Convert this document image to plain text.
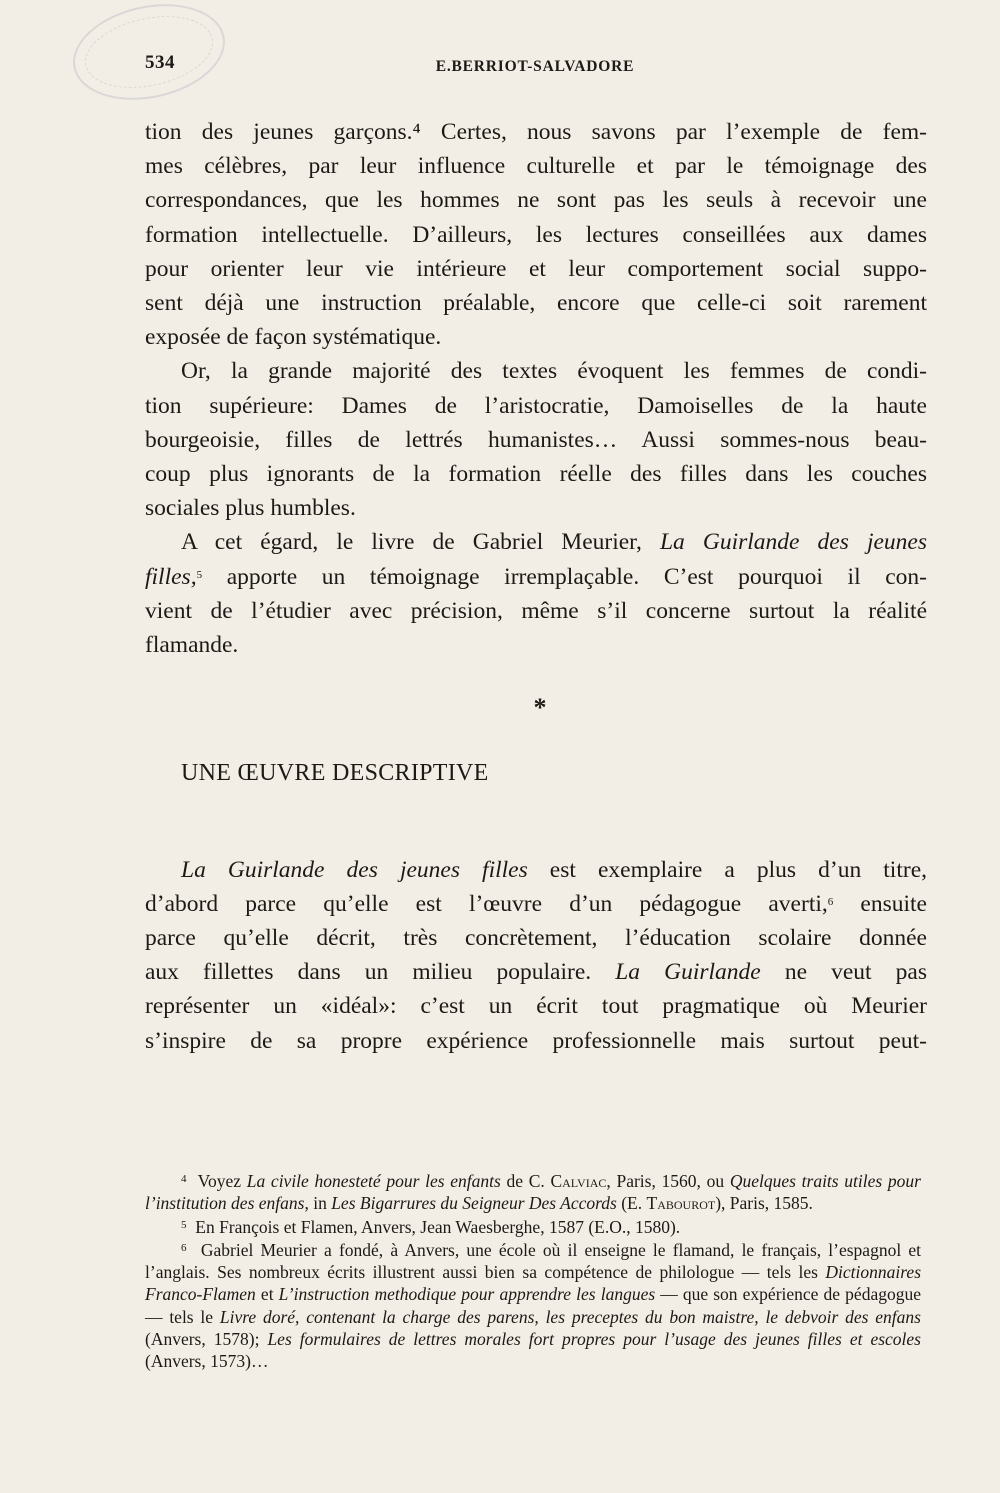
534	E.BERRIOT-SALVADORE

tion des jeunes garçons.⁴ Certes, nous savons par l’exemple de fem-
mes célèbres, par leur influence culturelle et par le témoignage des
correspondances, que les hommes ne sont pas les seuls à recevoir une
formation intellectuelle. D’ailleurs, les lectures conseillées aux dames
pour orienter leur vie intérieure et leur comportement social suppo-
sent déjà une instruction préalable, encore que celle-ci soit rarement
exposée de façon systématique.

Or, la grande majorité des textes évoquent les femmes de condi-
tion supérieure: Dames de l’aristocratie, Damoiselles de la haute
bourgeoisie, filles de lettrés humanistes… Aussi sommes-nous beau-
coup plus ignorants de la formation réelle des filles dans les couches
sociales plus humbles.

A cet égard, le livre de Gabriel Meurier, La Guirlande des jeunes
filles,$^5$ apporte un témoignage irremplaçable. C’est pourquoi il con-
vient de l’étudier avec précision, même s’il concerne surtout la réalité
flamande.

*
UNE ŒUVRE DESCRIPTIVE

La Guirlande des jeunes filles est exemplaire a plus d’un titre,
d’abord parce qu’elle est l’œuvre d’un pédagogue averti,$^6$ ensuite
parce qu’elle décrit, très concrètement, l’éducation scolaire donnée
aux fillettes dans un milieu populaire. La Guirlande ne veut pas
représenter un «idéal»: c’est un écrit tout pragmatique où Meurier
s’inspire de sa propre expérience professionnelle mais surtout peut-

$^4$ Voyez La civile honesteté pour les enfants de C. Calviac, Paris, 1560, ou Quelques traits utiles pour l’institution des enfans, in Les Bigarrures du Seigneur Des Accords (E. Tabourot), Paris, 1585.

$^5$ En François et Flamen, Anvers, Jean Waesberghe, 1587 (E.O., 1580).

$^6$ Gabriel Meurier a fondé, à Anvers, une école où il enseigne le flamand, le français, l’espagnol et l’anglais. Ses nombreux écrits illustrent aussi bien sa compétence de philologue — tels les Dictionnaires Franco-Flamen et L’instruction methodique pour apprendre les langues — que son expérience de pédagogue — tels le Livre doré, contenant la charge des parens, les preceptes du bon maistre, le debvoir des enfans (Anvers, 1578); Les formulaires de lettres morales fort propres pour l’usage des jeunes filles et escoles (Anvers, 1573)…
